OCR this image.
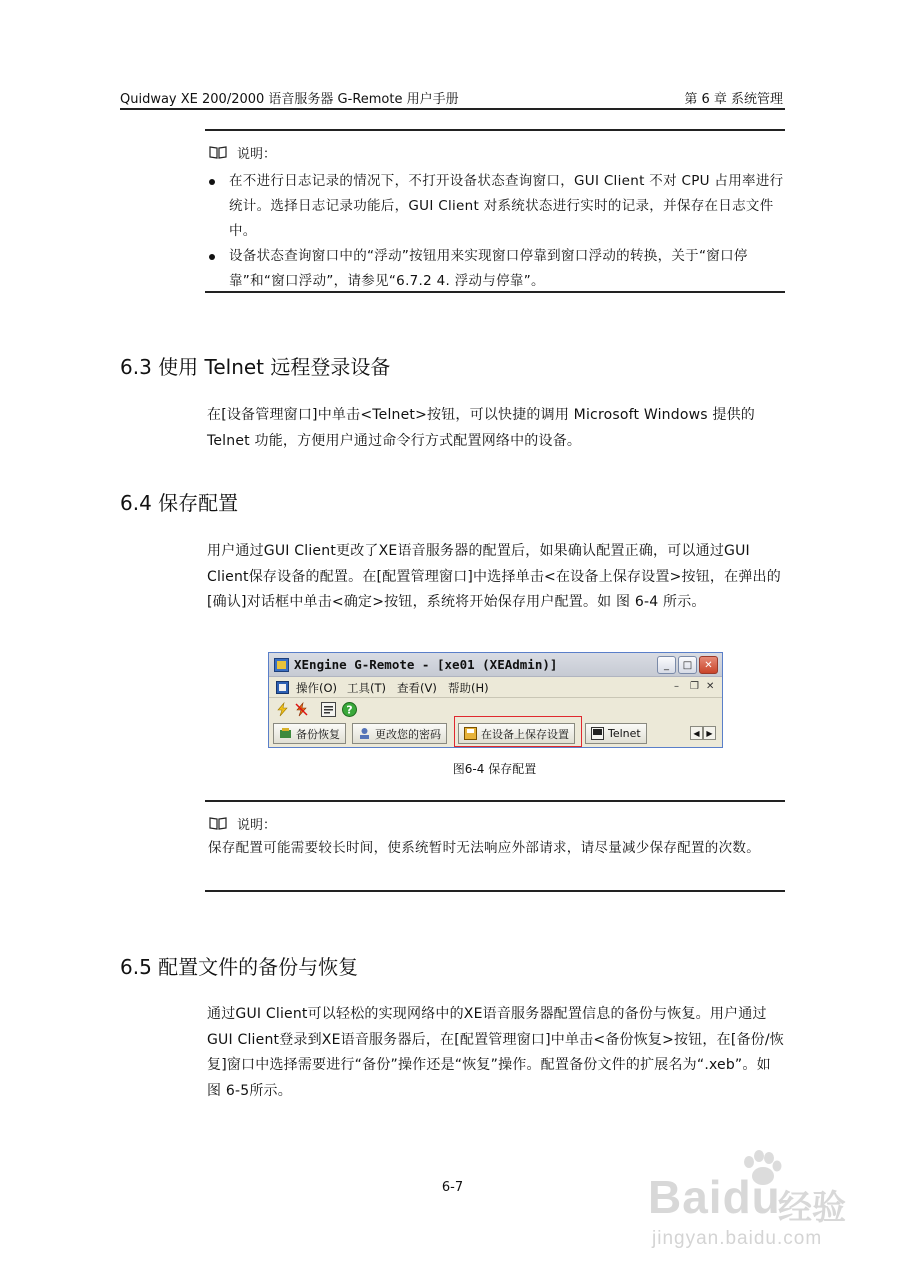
Quidway XE 200/2000 语音服务器 G-Remote 用户手册	第 6 章 系统管理
说明：
在不进行日志记录的情况下，不打开设备状态查询窗口，GUI Client 不对 CPU 占用率进行统计。选择日志记录功能后，GUI Client 对系统状态进行实时的记录，并保存在日志文件中。
设备状态查询窗口中的“浮动”按钮用来实现窗口停靠到窗口浮动的转换，关于“窗口停靠”和“窗口浮动”，请参见“6.7.2 4. 浮动与停靠”。
6.3 使用 Telnet 远程登录设备
在[设备管理窗口]中单击<Telnet>按钮，可以快捷的调用 Microsoft Windows 提供的 Telnet 功能，方便用户通过命令行方式配置网络中的设备。
6.4 保存配置
用户通过GUI Client更改了XE语音服务器的配置后，如果确认配置正确，可以通过GUI Client保存设备的配置。在[配置管理窗口]中选择单击<在设备上保存设置>按钮，在弹出的[确认]对话框中单击<确定>按钮，系统将开始保存用户配置。如 图 6-4 所示。
XEngine G-Remote - [xe01 (XEAdmin)]	_	□	✕
操作(O) 工具(T) 查看(V) 帮助(H)	– ❐ ✕
?
备份恢复	更改您的密码	在设备上保存设置	Telnet	◀ ▶
图6-4 保存配置
说明：
保存配置可能需要较长时间，使系统暂时无法响应外部请求，请尽量减少保存配置的次数。
6.5 配置文件的备份与恢复
通过GUI Client可以轻松的实现网络中的XE语音服务器配置信息的备份与恢复。用户通过GUI Client登录到XE语音服务器后，在[配置管理窗口]中单击<备份恢复>按钮，在[备份/恢复]窗口中选择需要进行“备份”操作还是“恢复”操作。配置备份文件的扩展名为“.xeb”。如 图 6-5所示。
6-7	Baidu
经验
jingyan.baidu.com
